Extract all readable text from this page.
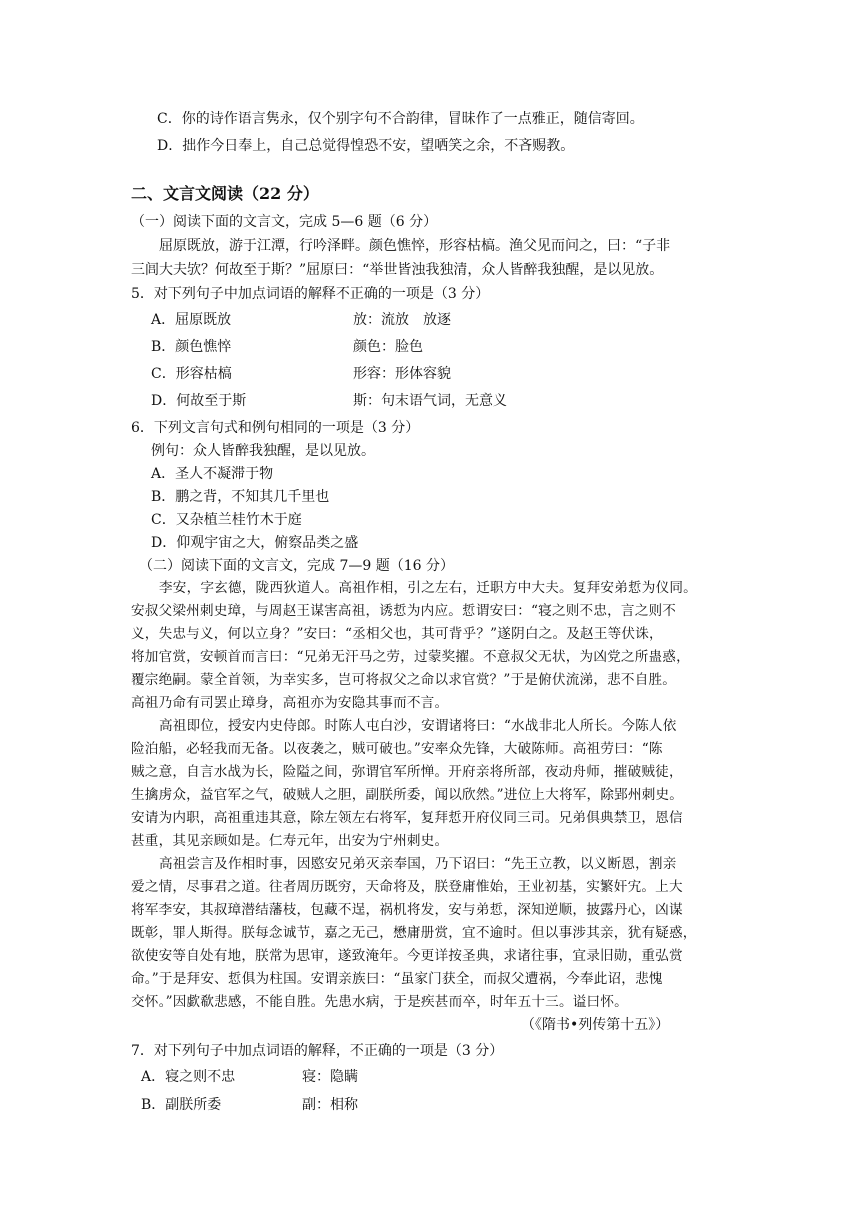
C．你的诗作语言隽永，仅个别字句不合韵律，冒昧作了一点雅正，随信寄回。
D．拙作今日奉上，自己总觉得惶恐不安，望哂笑之余，不吝赐教。
二、文言文阅读（22 分）
（一）阅读下面的文言文，完成 5—6 题（6 分）
屈原既放，游于江潭，行吟泽畔。颜色憔悴，形容枯槁。渔父见而问之，曰：“子非
三闾大夫欤？何故至于斯？”屈原曰：“举世皆浊我独清，众人皆醉我独醒，是以见放。
5．对下列句子中加点词语的解释不正确的一项是（3 分）
A．屈原既放	放：流放　放逐
B．颜色憔悴	颜色：脸色
C．形容枯槁	形容：形体容貌
D．何故至于斯	斯：句末语气词，无意义
6．下列文言句式和例句相同的一项是（3 分）
例句：众人皆醉我独醒，是以见放。
A．圣人不凝滞于物
B．鹏之背，不知其几千里也
C．又杂植兰桂竹木于庭
D．仰观宇宙之大，俯察品类之盛
（二）阅读下面的文言文，完成 7—9 题（16 分）
李安，字玄德，陇西狄道人。高祖作相，引之左右，迁职方中大夫。复拜安弟悊为仪同。
安叔父梁州刺史璋，与周赵王谋害高祖，诱悊为内应。悊谓安曰：“寝之则不忠，言之则不
义，失忠与义，何以立身？”安曰：“丞相父也，其可背乎？”遂阴白之。及赵王等伏诛，
将加官赏，安顿首而言曰：“兄弟无汗马之劳，过蒙奖擢。不意叔父无状，为凶党之所蛊惑，
覆宗绝嗣。蒙全首领，为幸实多，岂可将叔父之命以求官赏？”于是俯伏流涕，悲不自胜。
高祖乃命有司罢止璋身，高祖亦为安隐其事而不言。
高祖即位，授安内史侍郎。时陈人屯白沙，安谓诸将曰：“水战非北人所长。今陈人依
险泊船，必轻我而无备。以夜袭之，贼可破也。”安率众先锋，大破陈师。高祖劳曰：“陈
贼之意，自言水战为长，险隘之间，弥谓官军所惮。开府亲将所部，夜动舟师，摧破贼徒，
生擒虏众，益官军之气，破贼人之胆，副朕所委，闻以欣然。”进位上大将军，除郢州刺史。
安请为内职，高祖重违其意，除左领左右将军，复拜悊开府仪同三司。兄弟俱典禁卫，恩信
甚重，其见亲顾如是。仁寿元年，出安为宁州刺史。
高祖尝言及作相时事，因愍安兄弟灭亲奉国，乃下诏曰：“先王立教，以义断恩，割亲
爱之情，尽事君之道。往者周历既穷，天命将及，朕登庸惟始，王业初基，实繁奸宄。上大
将军李安，其叔璋潜结藩枝，包藏不逞，祸机将发，安与弟悊，深知逆顺，披露丹心，凶谋
既彰，罪人斯得。朕每念诚节，嘉之无己，懋庸册赏，宜不逾时。但以事涉其亲，犹有疑惑，
欲使安等自处有地，朕常为思审，遂致淹年。今更详按圣典，求诸往事，宜录旧勋，重弘赏
命。”于是拜安、悊俱为柱国。安谓亲族曰：“虽家门获全，而叔父遭祸，今奉此诏，悲愧
交怀。”因歔欷悲感，不能自胜。先患水病，于是疾甚而卒，时年五十三。谥曰怀。
（《隋书•列传第十五》）
7．对下列句子中加点词语的解释，不正确的一项是（3 分）
A．寝之则不忠	寝：隐瞒
B．副朕所委	副：相称
